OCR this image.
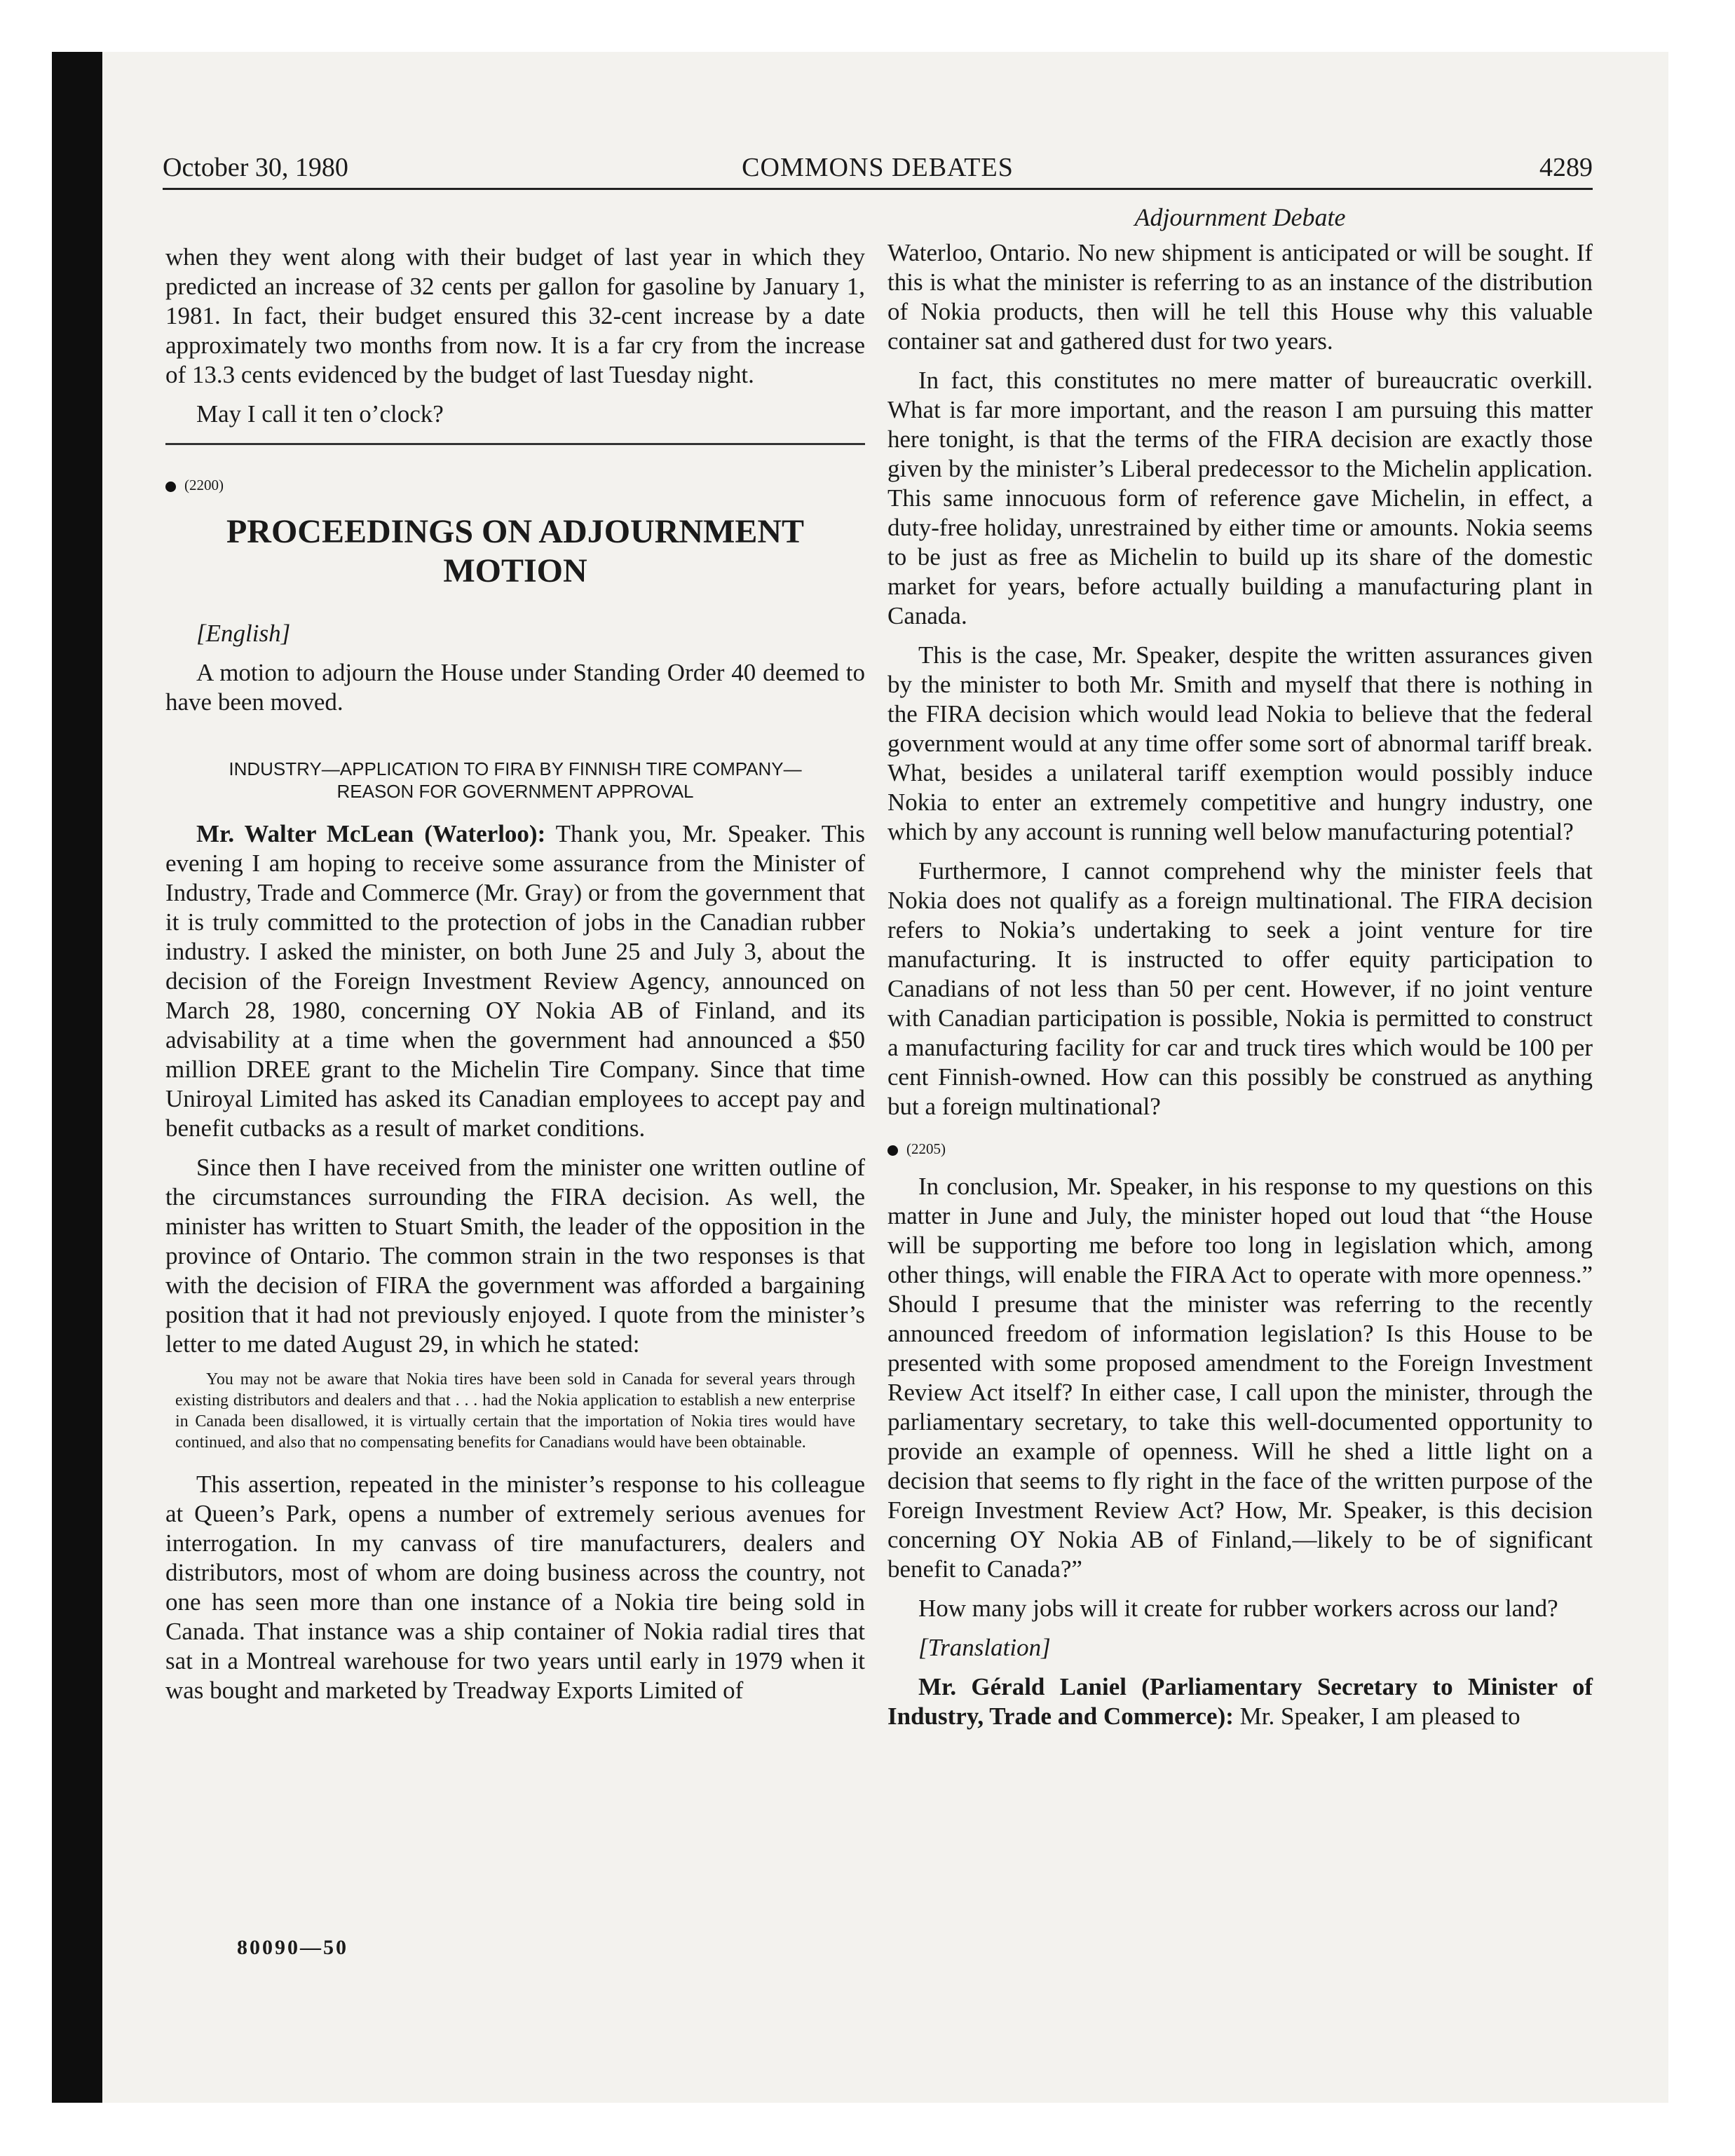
October 30, 1980	COMMONS DEBATES	4289
Adjournment Debate

when they went along with their budget of last year in which they predicted an increase of 32 cents per gallon for gasoline by January 1, 1981. In fact, their budget ensured this 32-cent increase by a date approximately two months from now. It is a far cry from the increase of 13.3 cents evidenced by the budget of last Tuesday night.

May I call it ten o’clock?

(2200)
PROCEEDINGS ON ADJOURNMENT MOTION

[English]

A motion to adjourn the House under Standing Order 40 deemed to have been moved.

INDUSTRY—APPLICATION TO FIRA BY FINNISH TIRE COMPANY—REASON FOR GOVERNMENT APPROVAL

Mr. Walter McLean (Waterloo): Thank you, Mr. Speaker. This evening I am hoping to receive some assurance from the Minister of Industry, Trade and Commerce (Mr. Gray) or from the government that it is truly committed to the protection of jobs in the Canadian rubber industry. I asked the minister, on both June 25 and July 3, about the decision of the Foreign Investment Review Agency, announced on March 28, 1980, concerning OY Nokia AB of Finland, and its advisability at a time when the government had announced a $50 million DREE grant to the Michelin Tire Company. Since that time Uniroyal Limited has asked its Canadian employees to accept pay and benefit cutbacks as a result of market conditions.

Since then I have received from the minister one written outline of the circumstances surrounding the FIRA decision. As well, the minister has written to Stuart Smith, the leader of the opposition in the province of Ontario. The common strain in the two responses is that with the decision of FIRA the government was afforded a bargaining position that it had not previously enjoyed. I quote from the minister’s letter to me dated August 29, in which he stated:

You may not be aware that Nokia tires have been sold in Canada for several years through existing distributors and dealers and that . . . had the Nokia application to establish a new enterprise in Canada been disallowed, it is virtually certain that the importation of Nokia tires would have continued, and also that no compensating benefits for Canadians would have been obtainable.

This assertion, repeated in the minister’s response to his colleague at Queen’s Park, opens a number of extremely serious avenues for interrogation. In my canvass of tire manufacturers, dealers and distributors, most of whom are doing business across the country, not one has seen more than one instance of a Nokia tire being sold in Canada. That instance was a ship container of Nokia radial tires that sat in a Montreal warehouse for two years until early in 1979 when it was bought and marketed by Treadway Exports Limited of

Waterloo, Ontario. No new shipment is anticipated or will be sought. If this is what the minister is referring to as an instance of the distribution of Nokia products, then will he tell this House why this valuable container sat and gathered dust for two years.

In fact, this constitutes no mere matter of bureaucratic overkill. What is far more important, and the reason I am pursuing this matter here tonight, is that the terms of the FIRA decision are exactly those given by the minister’s Liberal predecessor to the Michelin application. This same innocuous form of reference gave Michelin, in effect, a duty-free holiday, unrestrained by either time or amounts. Nokia seems to be just as free as Michelin to build up its share of the domestic market for years, before actually building a manufacturing plant in Canada.

This is the case, Mr. Speaker, despite the written assurances given by the minister to both Mr. Smith and myself that there is nothing in the FIRA decision which would lead Nokia to believe that the federal government would at any time offer some sort of abnormal tariff break. What, besides a unilateral tariff exemption would possibly induce Nokia to enter an extremely competitive and hungry industry, one which by any account is running well below manufacturing potential?

Furthermore, I cannot comprehend why the minister feels that Nokia does not qualify as a foreign multinational. The FIRA decision refers to Nokia’s undertaking to seek a joint venture for tire manufacturing. It is instructed to offer equity participation to Canadians of not less than 50 per cent. However, if no joint venture with Canadian participation is possible, Nokia is permitted to construct a manufacturing facility for car and truck tires which would be 100 per cent Finnish-owned. How can this possibly be construed as anything but a foreign multinational?

(2205)

In conclusion, Mr. Speaker, in his response to my questions on this matter in June and July, the minister hoped out loud that “the House will be supporting me before too long in legislation which, among other things, will enable the FIRA Act to operate with more openness.” Should I presume that the minister was referring to the recently announced freedom of information legislation? Is this House to be presented with some proposed amendment to the Foreign Investment Review Act itself? In either case, I call upon the minister, through the parliamentary secretary, to take this well-documented opportunity to provide an example of openness. Will he shed a little light on a decision that seems to fly right in the face of the written purpose of the Foreign Investment Review Act? How, Mr. Speaker, is this decision concerning OY Nokia AB of Finland,—likely to be of significant benefit to Canada?”

How many jobs will it create for rubber workers across our land?

[Translation]

Mr. Gérald Laniel (Parliamentary Secretary to Minister of Industry, Trade and Commerce): Mr. Speaker, I am pleased to

80090—50
